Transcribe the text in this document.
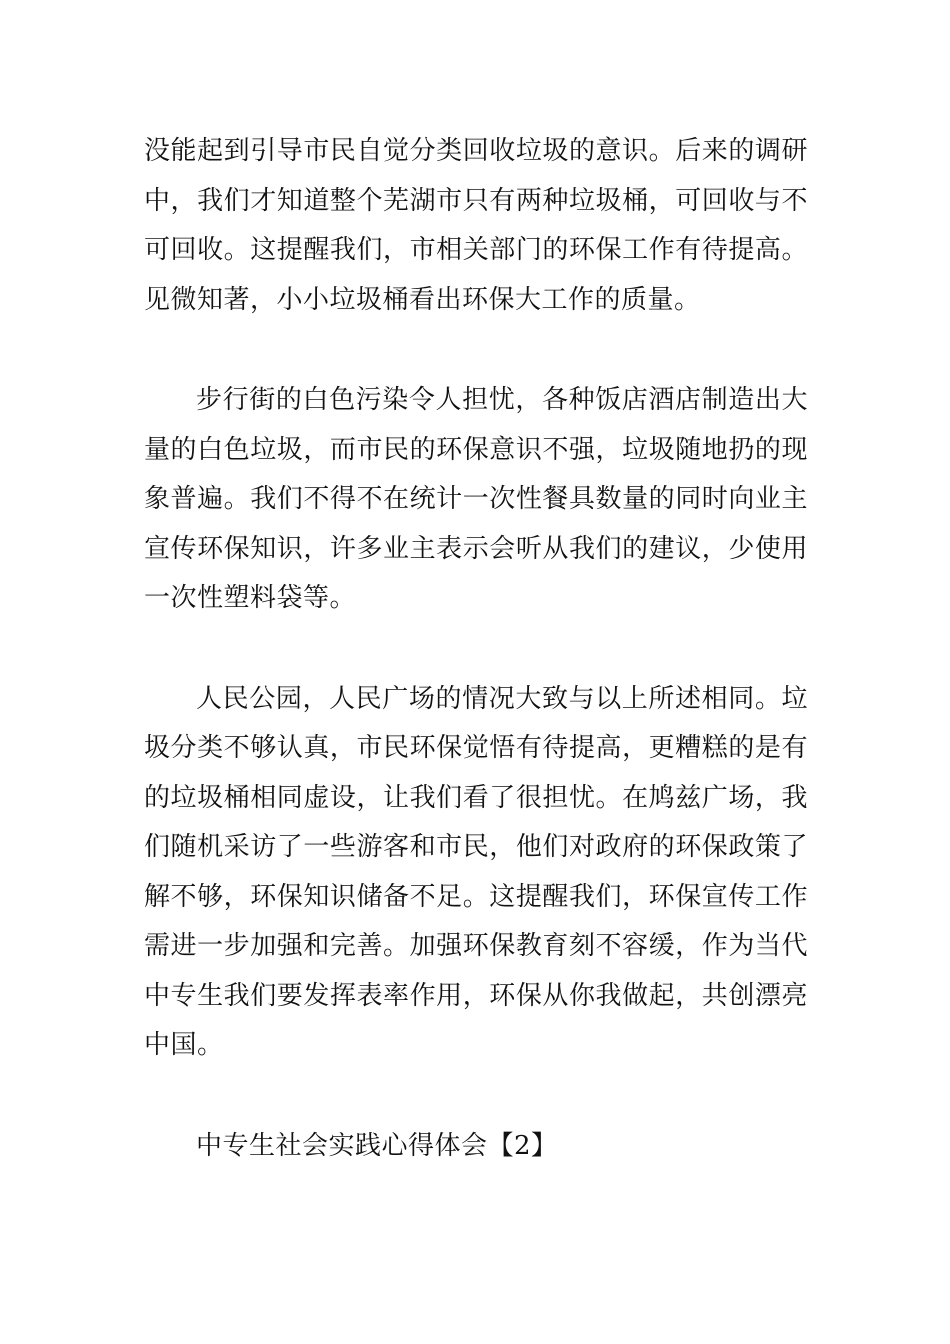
没能起到引导市民自觉分类回收垃圾的意识。后来的调研中，我们才知道整个芜湖市只有两种垃圾桶，可回收与不可回收。这提醒我们，市相关部门的环保工作有待提高。见微知著，小小垃圾桶看出环保大工作的质量。

步行街的白色污染令人担忧，各种饭店酒店制造出大量的白色垃圾，而市民的环保意识不强，垃圾随地扔的现象普遍。我们不得不在统计一次性餐具数量的同时向业主宣传环保知识，许多业主表示会听从我们的建议，少使用一次性塑料袋等。

人民公园，人民广场的情况大致与以上所述相同。垃圾分类不够认真，市民环保觉悟有待提高，更糟糕的是有的垃圾桶相同虚设，让我们看了很担忧。在鸠兹广场，我们随机采访了一些游客和市民，他们对政府的环保政策了解不够，环保知识储备不足。这提醒我们，环保宣传工作需进一步加强和完善。加强环保教育刻不容缓，作为当代中专生我们要发挥表率作用，环保从你我做起，共创漂亮中国。

中专生社会实践心得体会【2】
